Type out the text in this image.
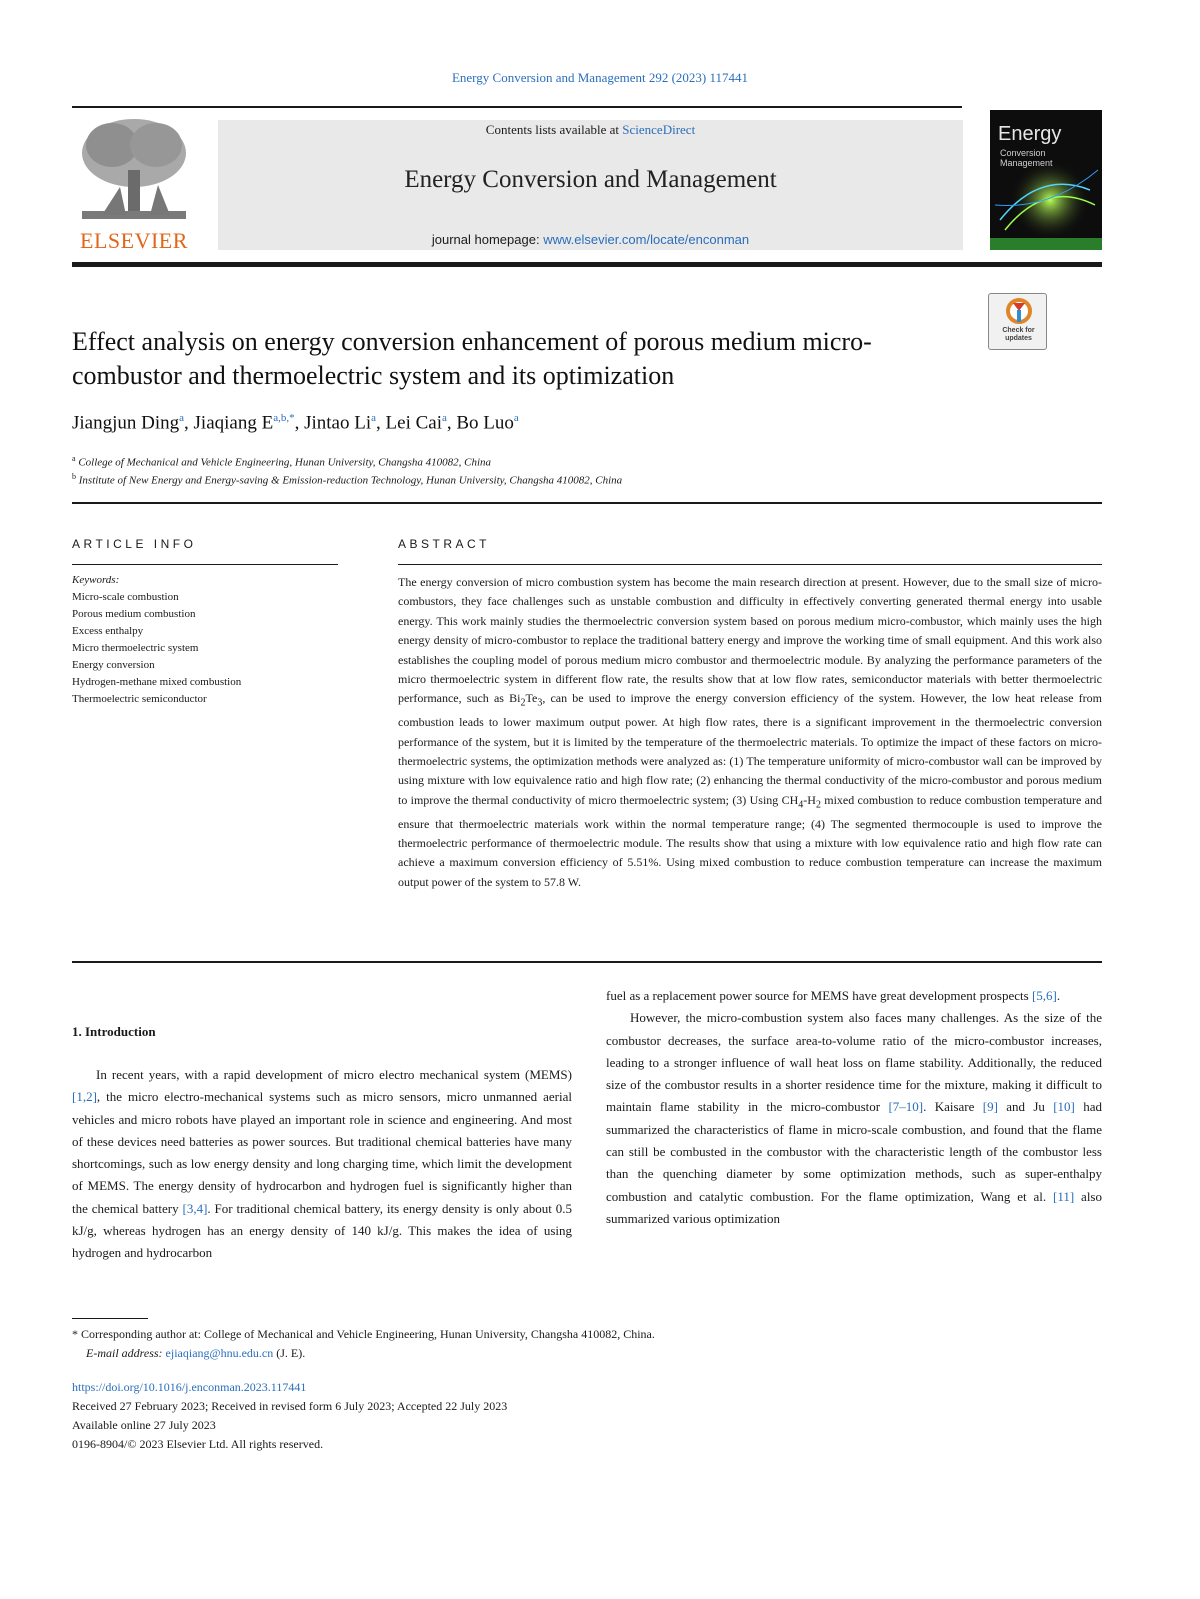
Energy Conversion and Management 292 (2023) 117441
ELSEVIER
Contents lists available at ScienceDirect
Energy Conversion and Management
journal homepage: www.elsevier.com/locate/enconman
Energy
Conversion
Management
Check for updates
Effect analysis on energy conversion enhancement of porous medium micro-combustor and thermoelectric system and its optimization
Jiangjun Ding$^a$, Jiaqiang $E^{a,b,*}$, Jintao Li$^a$, Lei Cai$^a$, Bo Luo$^a$
$^a$ College of Mechanical and Vehicle Engineering, Hunan University, Changsha 410082, China
$^b$ Institute of New Energy and Energy-saving & Emission-reduction Technology, Hunan University, Changsha 410082, China
ARTICLE INFO	ABSTRACT
Keywords:
Micro-scale combustion
Porous medium combustion
Excess enthalpy
Micro thermoelectric system
Energy conversion
Hydrogen-methane mixed combustion
Thermoelectric semiconductor
The energy conversion of micro combustion system has become the main research direction at present. However, due to the small size of micro-combustors, they face challenges such as unstable combustion and difficulty in effectively converting generated thermal energy into usable energy. This work mainly studies the thermoelectric conversion system based on porous medium micro-combustor, which mainly uses the high energy density of micro-combustor to replace the traditional battery energy and improve the working time of small equipment. And this work also establishes the coupling model of porous medium micro combustor and thermoelectric module. By analyzing the performance parameters of the micro thermoelectric system in different flow rate, the results show that at low flow rates, semiconductor materials with better thermoelectric performance, such as $Bi_2Te_3$, can be used to improve the energy conversion efficiency of the system. However, the low heat release from combustion leads to lower maximum output power. At high flow rates, there is a significant improvement in the thermoelectric conversion performance of the system, but it is limited by the temperature of the thermoelectric materials. To optimize the impact of these factors on micro-thermoelectric systems, the optimization methods were analyzed as: (1) The temperature uniformity of micro-combustor wall can be improved by using mixture with low equivalence ratio and high flow rate; (2) enhancing the thermal conductivity of the micro-combustor and porous medium to improve the thermal conductivity of micro thermoelectric system; (3) Using $CH_4-H_2$ mixed combustion to reduce combustion temperature and ensure that thermoelectric materials work within the normal temperature range; (4) The segmented thermocouple is used to improve the thermoelectric performance of thermoelectric module. The results show that using a mixture with low equivalence ratio and high flow rate can achieve a maximum conversion efficiency of 5.51%. Using mixed combustion to reduce combustion temperature can increase the maximum output power of the system to 57.8 W.
1. Introduction
In recent years, with a rapid development of micro electro mechanical system (MEMS) [1,2], the micro electro-mechanical systems such as micro sensors, micro unmanned aerial vehicles and micro robots have played an important role in science and engineering. And most of these devices need batteries as power sources. But traditional chemical batteries have many shortcomings, such as low energy density and long charging time, which limit the development of MEMS. The energy density of hydrocarbon and hydrogen fuel is significantly higher than the chemical battery [3,4]. For traditional chemical battery, its energy density is only about 0.5 kJ/g, whereas hydrogen has an energy density of 140 kJ/g. This makes the idea of using hydrogen and hydrocarbon
fuel as a replacement power source for MEMS have great development prospects [5,6].
However, the micro-combustion system also faces many challenges. As the size of the combustor decreases, the surface area-to-volume ratio of the micro-combustor increases, leading to a stronger influence of wall heat loss on flame stability. Additionally, the reduced size of the combustor results in a shorter residence time for the mixture, making it difficult to maintain flame stability in the micro-combustor [7–10]. Kaisare [9] and Ju [10] had summarized the characteristics of flame in micro-scale combustion, and found that the flame can still be combusted in the combustor with the characteristic length of the combustor less than the quenching diameter by some optimization methods, such as super-enthalpy combustion and catalytic combustion. For the flame optimization, Wang et al. [11] also summarized various optimization
* Corresponding author at: College of Mechanical and Vehicle Engineering, Hunan University, Changsha 410082, China.
E-mail address: ejiaqiang@hnu.edu.cn (J. E).
https://doi.org/10.1016/j.enconman.2023.117441
Received 27 February 2023; Received in revised form 6 July 2023; Accepted 22 July 2023
Available online 27 July 2023
0196-8904/© 2023 Elsevier Ltd. All rights reserved.
